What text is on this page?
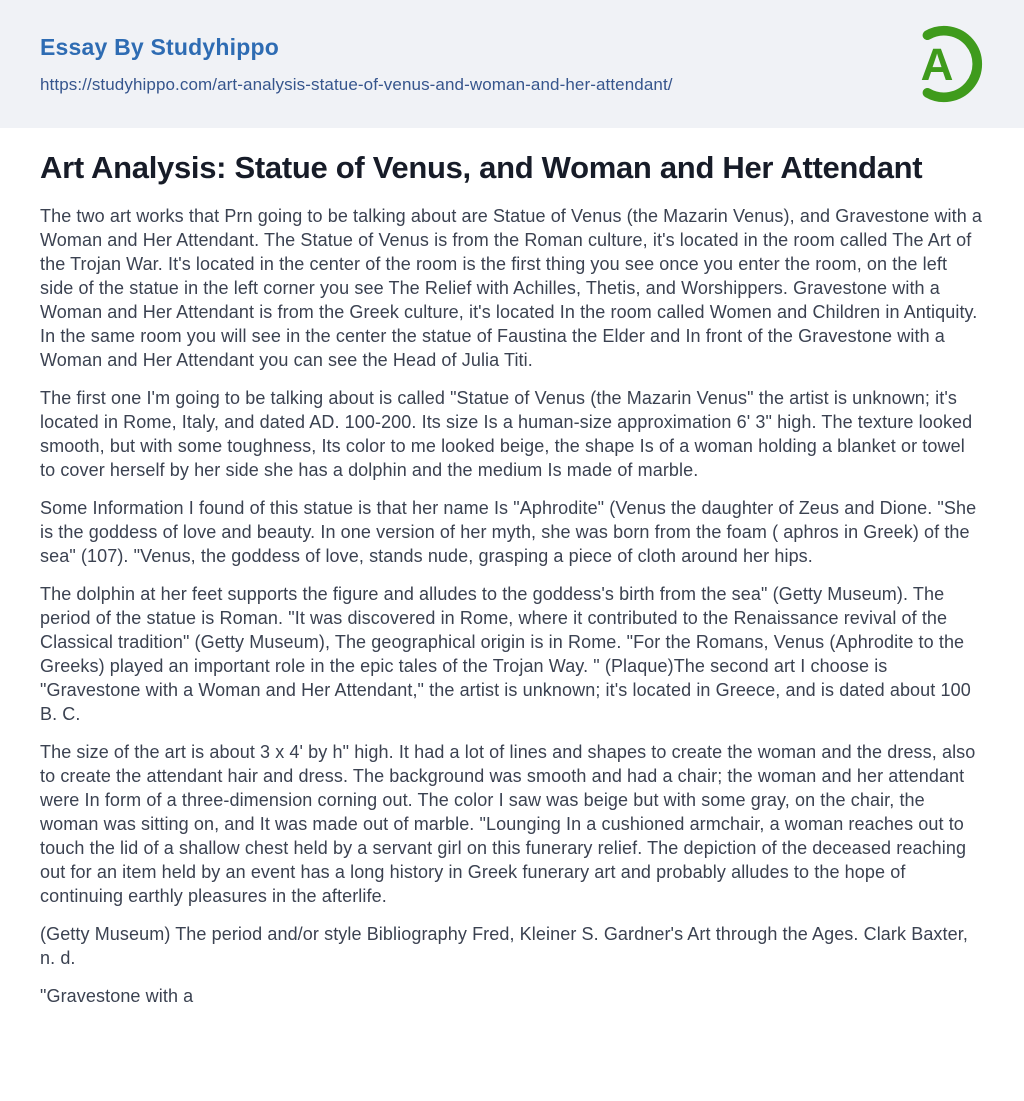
Essay By Studyhippo
https://studyhippo.com/art-analysis-statue-of-venus-and-woman-and-her-attendant/	A
Art Analysis: Statue of Venus, and Woman and Her Attendant

The two art works that Prn going to be talking about are Statue of Venus (the Mazarin Venus), and Gravestone with a Woman and Her Attendant. The Statue of Venus is from the Roman culture, it's located in the room called The Art of the Trojan War. It's located in the center of the room is the first thing you see once you enter the room, on the left side of the statue in the left corner you see The Relief with Achilles, Thetis, and Worshippers. Gravestone with a Woman and Her Attendant is from the Greek culture, it's located In the room called Women and Children in Antiquity. In the same room you will see in the center the statue of Faustina the Elder and In front of the Gravestone with a Woman and Her Attendant you can see the Head of Julia Titi.

The first one I'm going to be talking about is called "Statue of Venus (the Mazarin Venus" the artist is unknown; it's located in Rome, Italy, and dated AD. 100-200. Its size Is a human-size approximation 6' 3" high. The texture looked smooth, but with some toughness, Its color to me looked beige, the shape Is of a woman holding a blanket or towel to cover herself by her side she has a dolphin and the medium Is made of marble.

Some Information I found of this statue is that her name Is "Aphrodite" (Venus the daughter of Zeus and Dione. "She is the goddess of love and beauty. In one version of her myth, she was born from the foam ( aphros in Greek) of the sea" (107). "Venus, the goddess of love, stands nude, grasping a piece of cloth around her hips.

The dolphin at her feet supports the figure and alludes to the goddess's birth from the sea" (Getty Museum). The period of the statue is Roman. "It was discovered in Rome, where it contributed to the Renaissance revival of the Classical tradition" (Getty Museum), The geographical origin is in Rome. "For the Romans, Venus (Aphrodite to the Greeks) played an important role in the epic tales of the Trojan Way. " (Plaque)The second art I choose is "Gravestone with a Woman and Her Attendant," the artist is unknown; it's located in Greece, and is dated about 100 B. C.

The size of the art is about 3 x 4' by h" high. It had a lot of lines and shapes to create the woman and the dress, also to create the attendant hair and dress. The background was smooth and had a chair; the woman and her attendant were In form of a three-dimension corning out. The color I saw was beige but with some gray, on the chair, the woman was sitting on, and It was made out of marble. "Lounging In a cushioned armchair, a woman reaches out to touch the lid of a shallow chest held by a servant girl on this funerary relief. The depiction of the deceased reaching out for an item held by an event has a long history in Greek funerary art and probably alludes to the hope of continuing earthly pleasures in the afterlife.

(Getty Museum) The period and/or style Bibliography Fred, Kleiner S. Gardner's Art through the Ages. Clark Baxter, n. d.

"Gravestone with a
